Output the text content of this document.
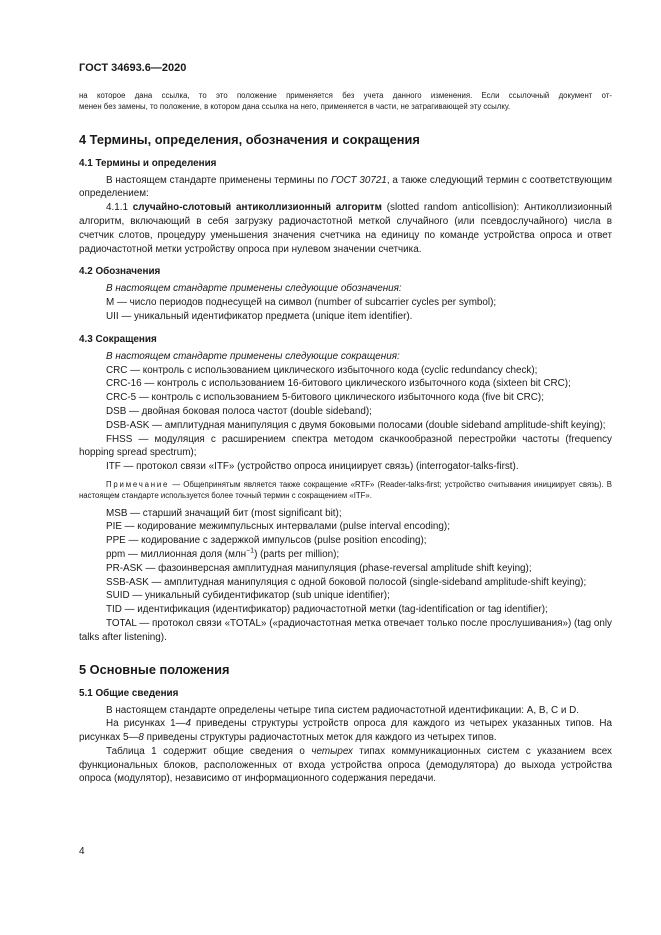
ГОСТ 34693.6—2020

на которое дана ссылка, то это положение применяется без учета данного изменения. Если ссылочный документ от-

менен без замены, то положение, в котором дана ссылка на него, применяется в части, не затрагивающей эту ссылку.

4 Термины, определения, обозначения и сокращения
4.1 Термины и определения

В настоящем стандарте применены термины по ГОСТ 30721, а также следующий термин с соответствующим определением:

4.1.1 случайно-слотовый антиколлизионный алгоритм (slotted random anticollision): Антиколлизионный алгоритм, включающий в себя загрузку радиочастотной меткой случайного (или псевдослучайного) числа в счетчик слотов, процедуру уменьшения значения счетчика на единицу по команде устройства опроса и ответ радиочастотной метки устройству опроса при нулевом значении счетчика.

4.2 Обозначения

В настоящем стандарте применены следующие обозначения:

М — число периодов поднесущей на символ (number of subcarrier cycles per symbol);

UII — уникальный идентификатор предмета (unique item identifier).

4.3 Сокращения

В настоящем стандарте применены следующие сокращения:

CRC — контроль с использованием циклического избыточного кода (cyclic redundancy check);

CRC-16 — контроль с использованием 16-битового циклического избыточного кода (sixteen bit CRC);

CRC-5 — контроль с использованием 5-битового циклического избыточного кода (five bit CRC);

DSB — двойная боковая полоса частот (double sideband);

DSB-ASK — амплитудная манипуляция с двумя боковыми полосами (double sideband amplitude-shift keying);

FHSS — модуляция с расширением спектра методом скачкообразной перестройки частоты (frequency hopping spread spectrum);

ITF — протокол связи «ITF» (устройство опроса инициирует связь) (interrogator-talks-first).

Примечание — Общепринятым является также сокращение «RTF» (Reader-talks-first; устройство считывания инициирует связь). В настоящем стандарте используется более точный термин с сокращением «ITF».

MSB — старший значащий бит (most significant bit);

PIE — кодирование межимпульсных интервалами (pulse interval encoding);

PPE — кодирование с задержкой импульсов (pulse position encoding);

ppm — миллионная доля (млн$^{-1}$) (parts per million);

PR-ASK — фазоинверсная амплитудная манипуляция (phase-reversal amplitude shift keying);

SSB-ASK — амплитудная манипуляция с одной боковой полосой (single-sideband amplitude-shift keying);

SUID — уникальный субидентификатор (sub unique identifier);

TID — идентификация (идентификатор) радиочастотной метки (tag-identification or tag identifier);

TOTAL — протокол связи «TOTAL» («радиочастотная метка отвечает только после прослушивания») (tag only talks after listening).

5 Основные положения
5.1 Общие сведения

В настоящем стандарте определены четыре типа систем радиочастотной идентификации: А, В, С и D.

На рисунках 1—4 приведены структуры устройств опроса для каждого из четырех указанных типов. На рисунках 5—8 приведены структуры радиочастотных меток для каждого из четырех типов.

Таблица 1 содержит общие сведения о четырех типах коммуникационных систем с указанием всех функциональных блоков, расположенных от входа устройства опроса (демодулятора) до выхода устройства опроса (модулятор), независимо от информационного содержания передачи.

4
